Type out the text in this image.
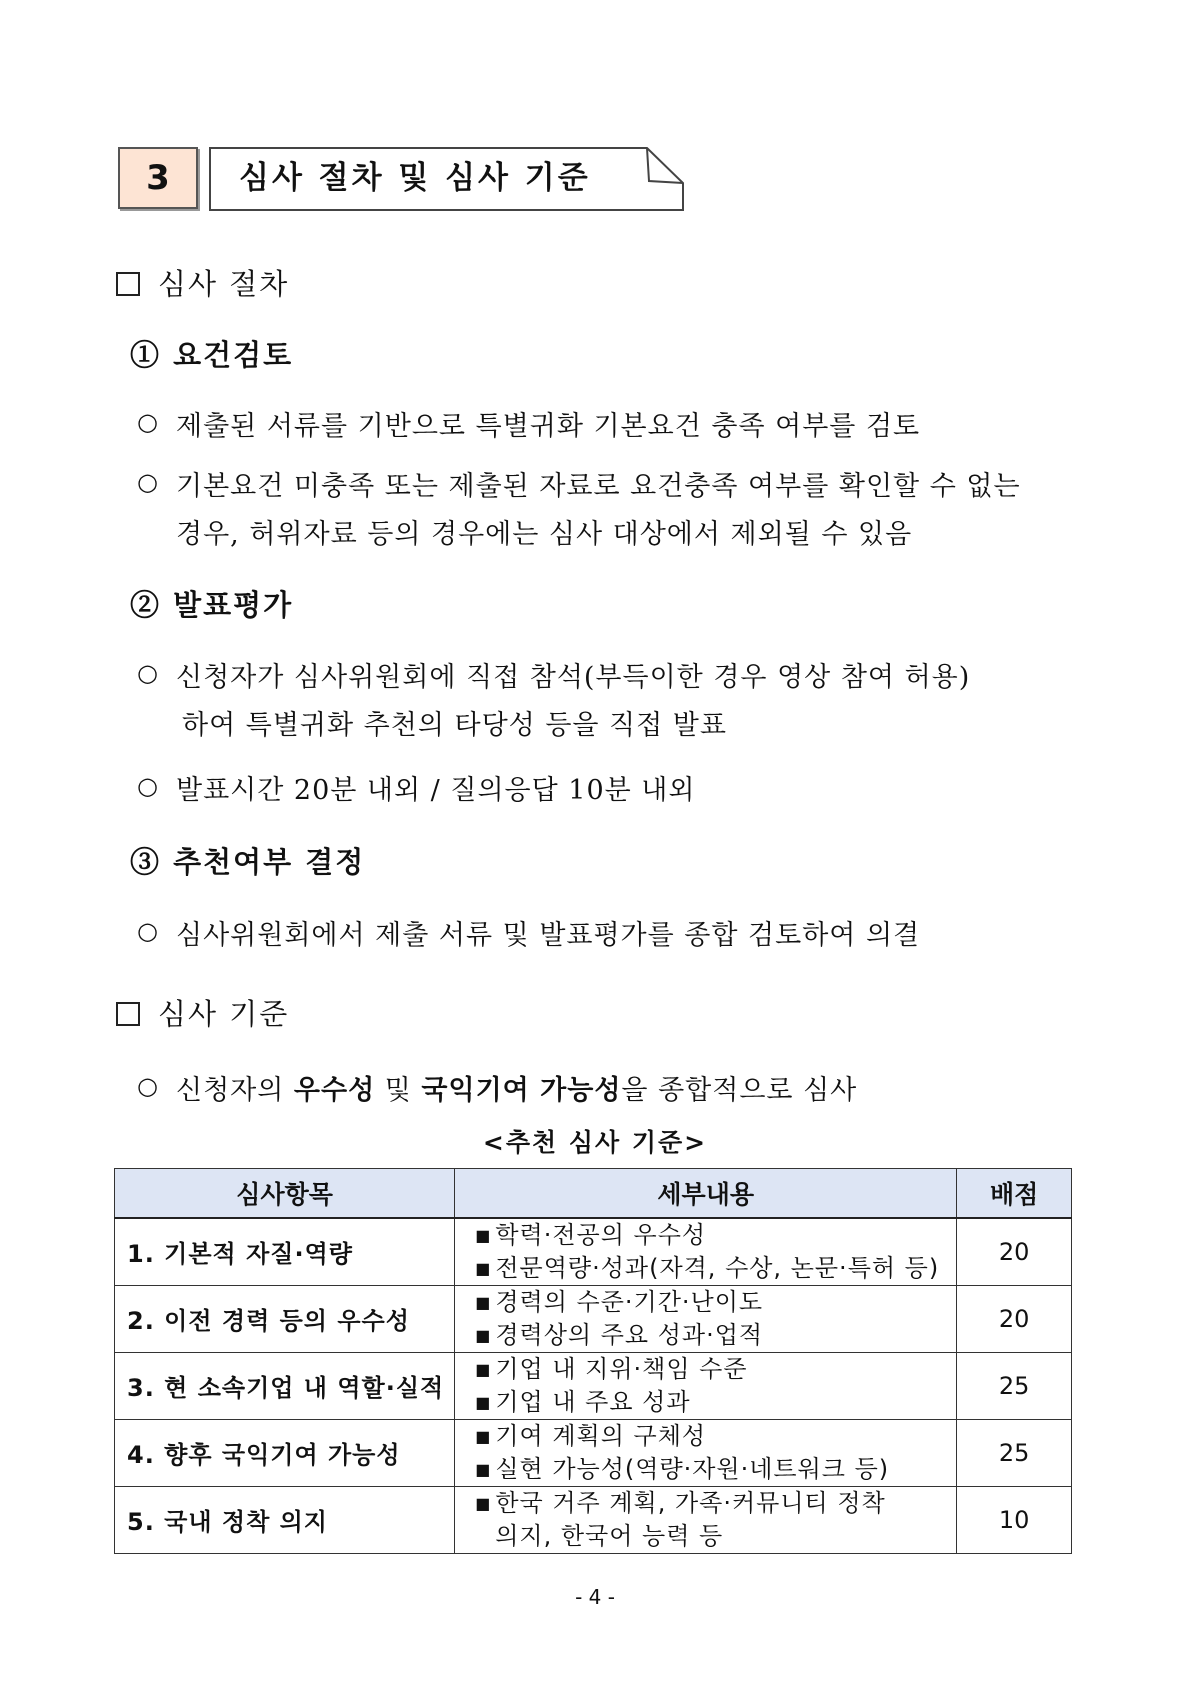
3 심사 절차 및 심사 기준
심사 절차
① 요건검토
○ 제출된 서류를 기반으로 특별귀화 기본요건 충족 여부를 검토
○ 기본요건 미충족 또는 제출된 자료로 요건충족 여부를 확인할 수 없는
경우, 허위자료 등의 경우에는 심사 대상에서 제외될 수 있음
② 발표평가
○ 신청자가 심사위원회에 직접 참석(부득이한 경우 영상 참여 허용)
하여 특별귀화 추천의 타당성 등을 직접 발표
○ 발표시간 20분 내외 / 질의응답 10분 내외
③ 추천여부 결정
○ 심사위원회에서 제출 서류 및 발표평가를 종합 검토하여 의결
심사 기준
○ 신청자의 우수성 및 국익기여 가능성을 종합적으로 심사
<추천 심사 기준>
심사항목	세부내용	배점
1. 기본적 자질·역량	■ 학력·전공의 우수성
■ 전문역량·성과(자격, 수상, 논문·특허 등)	20
2. 이전 경력 등의 우수성	■ 경력의 수준·기간·난이도
■ 경력상의 주요 성과·업적	20
3. 현 소속기업 내 역할·실적	■ 기업 내 지위·책임 수준
■ 기업 내 주요 성과	25
4. 향후 국익기여 가능성	■ 기여 계획의 구체성
■ 실현 가능성(역량·자원·네트워크 등)	25
5. 국내 정착 의지	■ 한국 거주 계획, 가족·커뮤니티 정착
의지, 한국어 능력 등	10
- 4 -
